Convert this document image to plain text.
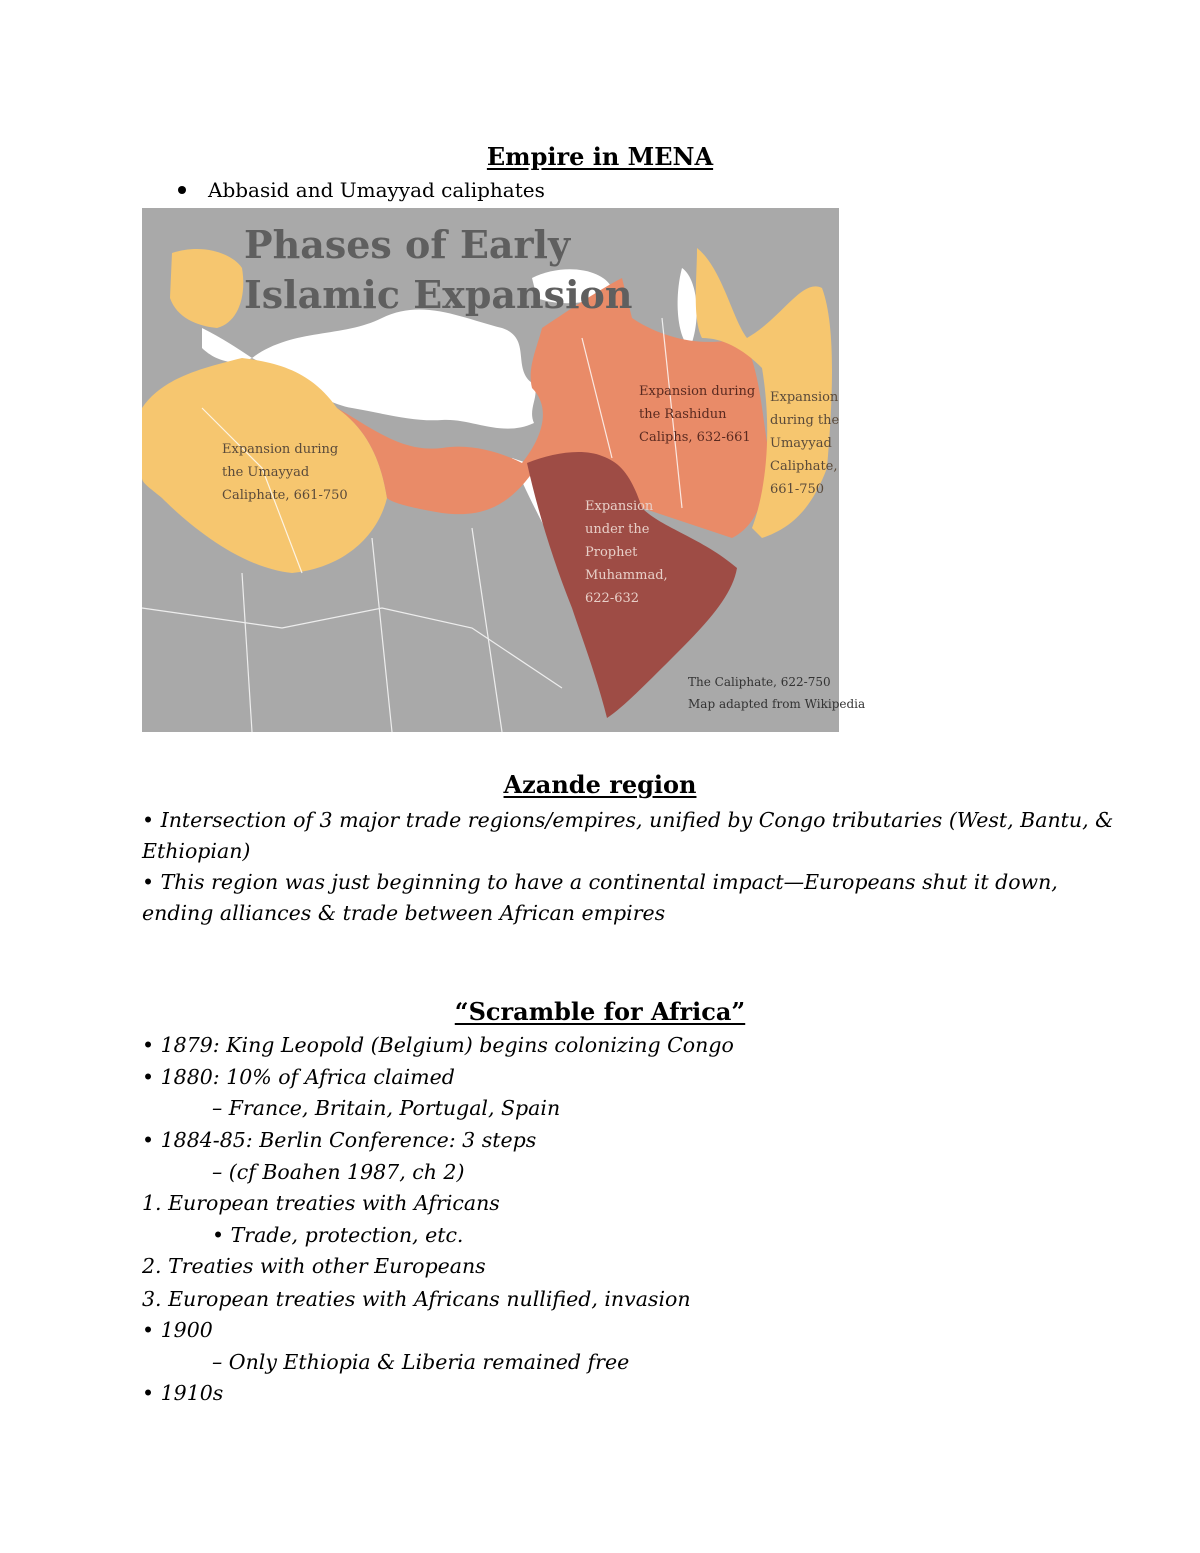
Empire in MENA
Abbasid and Umayyad caliphates
Phases of Early
Islamic Expansion
Expansion during
the Umayyad
Caliphate, 661-750
Expansion during
the Rashidun
Caliphs, 632-661
Expansion
during the
Umayyad
Caliphate,
661-750
Expansion
under the
Prophet
Muhammad,
622-632
The Caliphate, 622-750
Map adapted from Wikipedia
Azande region
• Intersection of 3 major trade regions/empires, unified by Congo tributaries (West, Bantu, &
Ethiopian)
• This region was just beginning to have a continental impact—Europeans shut it down,
ending alliances & trade between African empires
“Scramble for Africa”
• 1879: King Leopold (Belgium) begins colonizing Congo
• 1880: 10% of Africa claimed
– France, Britain, Portugal, Spain
• 1884-85: Berlin Conference: 3 steps
– (cf Boahen 1987, ch 2)
1. European treaties with Africans
• Trade, protection, etc.
2. Treaties with other Europeans
3. European treaties with Africans nullified, invasion
• 1900
– Only Ethiopia & Liberia remained free
• 1910s
